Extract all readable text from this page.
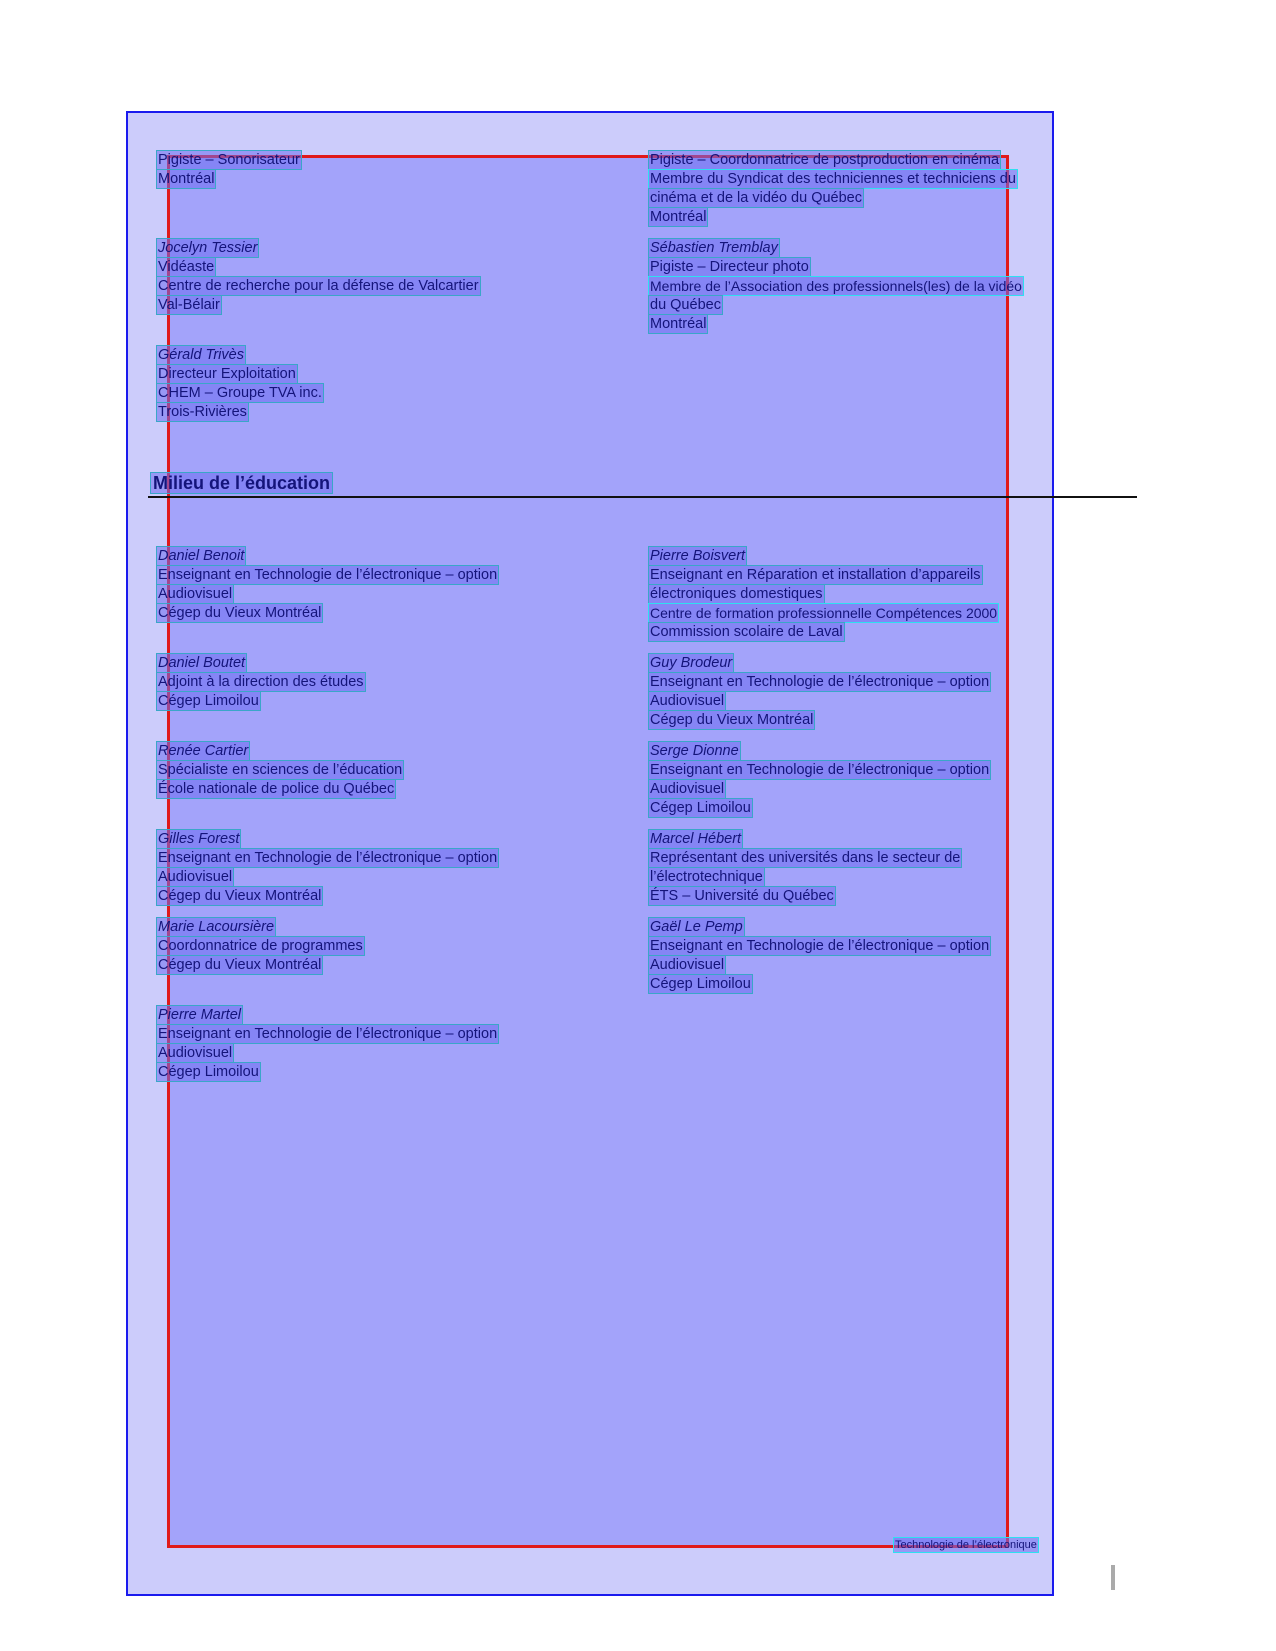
Pigiste – Sonorisateur
Montréal
Jocelyn Tessier
Vidéaste
Centre de recherche pour la défense de Valcartier
Val-Bélair
Gérald Trivès
Directeur Exploitation
CHEM – Groupe TVA inc.
Trois-Rivières
Pigiste – Coordonnatrice de postproduction en cinéma
Membre du Syndicat des techniciennes et techniciens du
cinéma et de la vidéo du Québec
Montréal
Sébastien Tremblay
Pigiste – Directeur photo
Membre de l’Association des professionnels(les) de la vidéo
du Québec
Montréal
Milieu de l’éducation
Daniel Benoit
Enseignant en Technologie de l’électronique – option
Audiovisuel
Cégep du Vieux Montréal
Daniel Boutet
Adjoint à la direction des études
Cégep Limoilou
Renée Cartier
Spécialiste en sciences de l’éducation
École nationale de police du Québec
Gilles Forest
Enseignant en Technologie de l’électronique – option
Audiovisuel
Cégep du Vieux Montréal
Marie Lacoursière
Coordonnatrice de programmes
Cégep du Vieux Montréal
Pierre Martel
Enseignant en Technologie de l’électronique – option
Audiovisuel
Cégep Limoilou
Pierre Boisvert
Enseignant en Réparation et installation d’appareils
électroniques domestiques
Centre de formation professionnelle Compétences 2000
Commission scolaire de Laval
Guy Brodeur
Enseignant en Technologie de l’électronique – option
Audiovisuel
Cégep du Vieux Montréal
Serge Dionne
Enseignant en Technologie de l’électronique – option
Audiovisuel
Cégep Limoilou
Marcel Hébert
Représentant des universités dans le secteur de
l’électrotechnique
ÉTS – Université du Québec
Gaël Le Pemp
Enseignant en Technologie de l’électronique – option
Audiovisuel
Cégep Limoilou
Technologie de l’électronique
